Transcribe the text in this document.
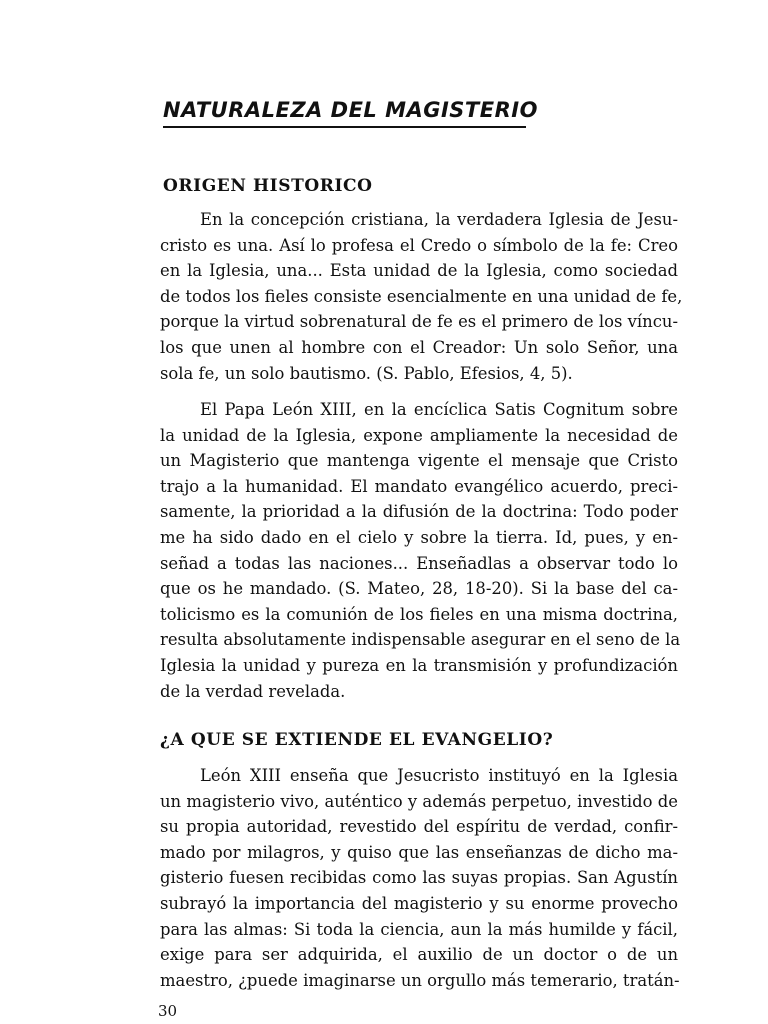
NATURALEZA DEL MAGISTERIO
ORIGEN HISTORICO
En la concepción cristiana, la verdadera Iglesia de Jesu-
cristo es una. Así lo profesa el Credo o símbolo de la fe: Creo
en la Iglesia, una... Esta unidad de la Iglesia, como sociedad
de todos los fieles consiste esencialmente en una unidad de fe,
porque la virtud sobrenatural de fe es el primero de los víncu-
los que unen al hombre con el Creador: Un solo Señor, una
sola fe, un solo bautismo. (S. Pablo, Efesios, 4, 5).
El Papa León XIII, en la encíclica Satis Cognitum sobre
la unidad de la Iglesia, expone ampliamente la necesidad de
un Magisterio que mantenga vigente el mensaje que Cristo
trajo a la humanidad. El mandato evangélico acuerdo, preci-
samente, la prioridad a la difusión de la doctrina: Todo poder
me ha sido dado en el cielo y sobre la tierra. Id, pues, y en-
señad a todas las naciones... Enseñadlas a observar todo lo
que os he mandado. (S. Mateo, 28, 18-20). Si la base del ca-
tolicismo es la comunión de los fieles en una misma doctrina,
resulta absolutamente indispensable asegurar en el seno de la
Iglesia la unidad y pureza en la transmisión y profundización
de la verdad revelada.
¿A QUE SE EXTIENDE EL EVANGELIO?
León XIII enseña que Jesucristo instituyó en la Iglesia
un magisterio vivo, auténtico y además perpetuo, investido de
su propia autoridad, revestido del espíritu de verdad, confir-
mado por milagros, y quiso que las enseñanzas de dicho ma-
gisterio fuesen recibidas como las suyas propias. San Agustín
subrayó la importancia del magisterio y su enorme provecho
para las almas: Si toda la ciencia, aun la más humilde y fácil,
exige para ser adquirida, el auxilio de un doctor o de un
maestro, ¿puede imaginarse un orgullo más temerario, tratán-
30
